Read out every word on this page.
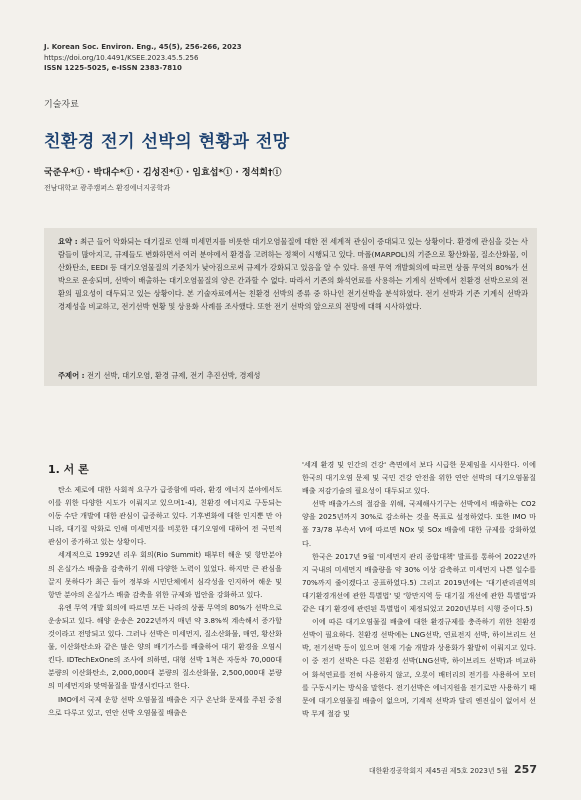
J. Korean Soc. Environ. Eng., 45(5), 256-266, 2023
https://doi.org/10.4491/KSEE.2023.45.5.256
ISSN 1225-5025, e-ISSN 2383-7810
기술자료
친환경 전기 선박의 현황과 전망
국준우*ⓘ · 박대수*ⓘ · 김성진*ⓘ · 임효섭*ⓘ · 정석희†ⓘ
전남대학교 광주캠퍼스 환경에너지공학과
요약 : 최근 들어 악화되는 대기질로 인해 미세먼지를 비롯한 대기오염물질에 대한 전 세계적 관심이 증대되고 있는 상황이다. 환경에 관심을 갖는 사람들이 많아지고, 규제들도 변화하면서 여러 분야에서 환경을 고려하는 정책이 시행되고 있다. 마폴(MARPOL)의 기준으로 황산화물, 질소산화물, 이산화탄소, EEDI 등 대기오염물질의 기준치가 낮아짐으로써 규제가 강화되고 있음을 알 수 있다. 유엔 무역 개발회의에 따르면 상품 무역의 80%가 선박으로 운송되며, 선박이 배출하는 대기오염물질의 양은 간과할 수 없다. 따라서 기존의 화석연료를 사용하는 기계식 선박에서 친환경 선박으로의 전환의 필요성이 대두되고 있는 상황이다. 본 기술자료에서는 친환경 선박의 종류 중 하나인 전기선박을 분석하였다. 전기 선박과 기존 기계식 선박과 경제성을 비교하고, 전기선박 현황 및 상용화 사례를 조사했다. 또한 전기 선박의 앞으로의 전망에 대해 시사하였다.
주제어 : 전기 선박, 대기오염, 환경 규제, 전기 추진선박, 경제성
1. 서 론

탄소 제로에 대한 사회적 요구가 급증함에 따라, 환경 에너지 분야에서도 이를 위한 다양한 시도가 이뤄지고 있으며1-4), 친환경 에너지로 구동되는 이동 수단 개발에 대한 관심이 급증하고 있다. 기후변화에 대한 인지뿐 만 아니라, 대기질 악화로 인해 미세먼지를 비롯한 대기오염에 대하여 전 국민적 관심이 증가하고 있는 상황이다.

세계적으로 1992년 리우 회의(Rio Summit) 때부터 해운 및 항만분야의 온실가스 배출을 감축하기 위해 다양한 노력이 있었다. 하지만 큰 관심을 끌지 못하다가 최근 들어 정부와 시민단체에서 심각성을 인지하여 해운 및 항만 분야의 온실가스 배출 감축을 위한 규제와 법안을 강화하고 있다.

유엔 무역 개발 회의에 따르면 모든 나라의 상품 무역의 80%가 선박으로 운송되고 있다. 해양 운송은 2022년까지 매년 약 3.8%씩 계속해서 증가할 것이라고 전망되고 있다. 그러나 선박은 미세먼지, 질소산화물, 매연, 황산화물, 이산화탄소와 같은 많은 양의 배기가스를 배출하여 대기 환경을 오염시킨다. IDTechExOne의 조사에 의하면, 대형 선박 1척은 자동차 70,000대 분량의 이산화탄소, 2,000,000대 분량의 질소산화물, 2,500,000대 분량의 미세먼지와 맞먹물질을 발생시킨다고 한다.

IMO에서 국제 운항 선박 오염물질 배출은 지구 온난화 문제를 주된 중점으로 다루고 있고, 연안 선박 오염물질 배출은

'세계 환경 및 인간의 건강' 측면에서 보다 시급한 문제임을 시사한다. 이에 한국의 대기오염 문제 및 국민 건강 안전을 위한 연안 선박의 대기오염물질 배출 저감기술의 필요성이 대두되고 있다.

선박 배출가스의 절감을 위해, 국제해사기구는 선박에서 배출하는 CO2양을 2025년까지 30%로 감소하는 것을 목표로 설정하였다. 또한 IMO 마폴 73/78 부속서 VI에 따르면 NOx 및 SOx 배출에 대한 규제를 강화하였다.

한국은 2017년 9월 '미세먼지 관리 종합대책' 발표를 통하여 2022년까지 국내의 미세먼지 배출량을 약 30% 이상 감축하고 미세먼지 나쁜 일수를 70%까지 줄이겠다고 공표하였다.5) 그리고 2019년에는 '대기관리권역의 대기환경개선에 관한 특별법' 및 '항만지역 등 대기질 개선에 관한 특별법'과 같은 대기 환경에 관련된 특별법이 제정되었고 2020년부터 시행 중이다.5)

이에 따른 대기오염물질 배출에 대한 환경규제를 충족하기 위한 친환경 선박이 필요하다. 친환경 선박에는 LNG선박, 연료전지 선박, 하이브리드 선박, 전기선박 등이 있으며 현재 기술 개발과 상용화가 활발히 이뤄지고 있다. 이 중 전기 선박은 다른 친환경 선박(LNG선박, 하이브리드 선박)과 비교하여 화석연료를 전혀 사용하지 않고, 오롯이 배터리의 전기를 사용하여 모터를 구동시키는 방식을 말한다. 전기선박은 에너지원을 전기로만 사용하기 때문에 대기오염물질 배출이 없으며, 기계적 선박과 달리 엔진실이 없어서 선박 무게 절감 및

대한환경공학회지 제45권 제5호 2023년 5월 257
